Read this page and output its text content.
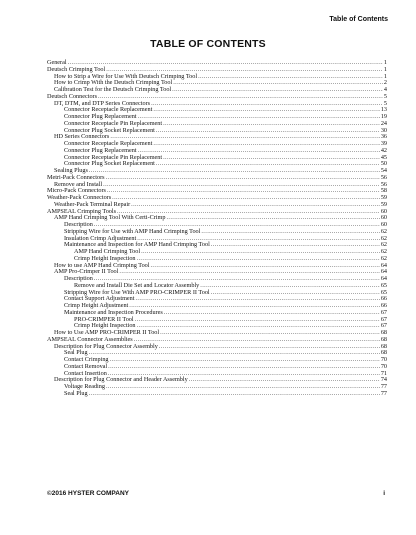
Table of Contents
TABLE OF CONTENTS
General .....	1
Deutsch Crimping Tool .....	1
How to Strip a Wire for Use With Deutsch Crimping Tool .....	1
How to Crimp With the Deutsch Crimping Tool .....	2
Calibration Test for the Deutsch Crimping Tool .....	4
Deutsch Connectors .....	5
DT, DTM, and DTP Series Connectors .....	5
Connector Receptacle Replacement .....	13
Connector Plug Replacement .....	19
Connector Receptacle Pin Replacement .....	24
Connector Plug Socket Replacement .....	30
HD Series Connectors .....	36
Connector Receptacle Replacement .....	39
Connector Plug Replacement .....	42
Connector Receptacle Pin Replacement .....	45
Connector Plug Socket Replacement .....	50
Sealing Plugs .....	54
Metri-Pack Connectors .....	56
Remove and Install .....	56
Micro-Pack Connectors .....	58
Weather-Pack Connectors .....	59
Weather-Pack Terminal Repair .....	59
AMPSEAL Crimping Tools .....	60
AMP Hand Crimping Tool With Certi-Crimp .....	60
Description .....	60
Stripping Wire for Use with AMP Hand Crimping Tool .....	62
Insulation Crimp Adjustment .....	62
Maintenance and Inspection for AMP Hand Crimping Tool .....	62
AMP Hand Crimping Tool .....	62
Crimp Height Inspection .....	62
How to use AMP Hand Crimping Tool .....	64
AMP Pro-Crimper II Tool .....	64
Description .....	64
Remove and Install Die Set and Locator Assembly .....	65
Stripping Wire for Use With AMP PRO-CRIMPER II Tool .....	65
Contact Support Adjustment .....	66
Crimp Height Adjustment .....	66
Maintenance and Inspection Procedures .....	67
PRO-CRIMPER II Tool .....	67
Crimp Height Inspection .....	67
How to Use AMP PRO-CRIMPER II Tool .....	68
AMPSEAL Connector Assemblies .....	68
Description for Plug Connector Assembly .....	68
Seal Plug .....	68
Contact Crimping .....	70
Contact Removal .....	70
Contact Insertion .....	71
Description for Plug Connector and Header Assembly .....	74
Voltage Reading .....	77
Seal Plug .....	77
©2016 HYSTER COMPANY	i
